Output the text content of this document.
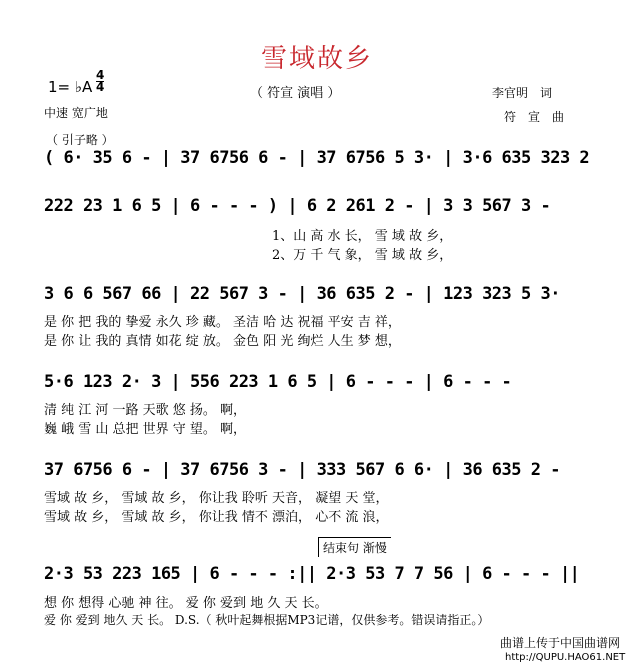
雪域故乡
1= ♭A
4
4	（ 符宣 演唱 ）
中速 宽广地
李官明　词
符　宣　曲
（ 引子略 ）
( 6· 35 6 - | 37 6756 6 - | 37 6756 5 3· | 3·6 635 323 2
222 23 1 6 5 | 6 - - - ) | 6 2 261 2 - | 3 3 567 3 -
1、山 高 水 长， 雪 域 故 乡，
2、万 千 气 象， 雪 域 故 乡，
3 6 6 567 66 | 22 567 3 - | 36 635 2 - | 123 323 5 3·
是 你 把 我的 挚爱 永久 珍 藏。 圣洁 哈 达 祝福 平安 吉 祥，
是 你 让 我的 真情 如花 绽 放。 金色 阳 光 绚烂 人生 梦 想，
5·6 123 2· 3 | 556 223 1 6 5 | 6 - - - | 6 - - -
清 纯 江 河 一路 天歌 悠 扬。 啊，
巍 峨 雪 山 总把 世界 守 望。 啊，
37 6756 6 - | 37 6756 3 - | 333 567 6 6· | 36 635 2 -
雪域 故 乡， 雪域 故 乡， 你让我 聆听 天音， 凝望 天 堂，
雪域 故 乡， 雪域 故 乡， 你让我 情不 漂泊， 心不 流 浪，
结束句 渐慢
2·3 53 223 165 | 6 - - - :|| 2·3 53 7 7 56 | 6 - - - ||
想 你 想得 心驰 神 往。 爱 你 爱到 地 久 天 长。
爱 你 爱到 地久 天 长。 D.S.（ 秋叶起舞根据MP3记谱，仅供参考。错误请指正。）
曲谱上传于中国曲谱网
http://QUPU.HAO61.NET
